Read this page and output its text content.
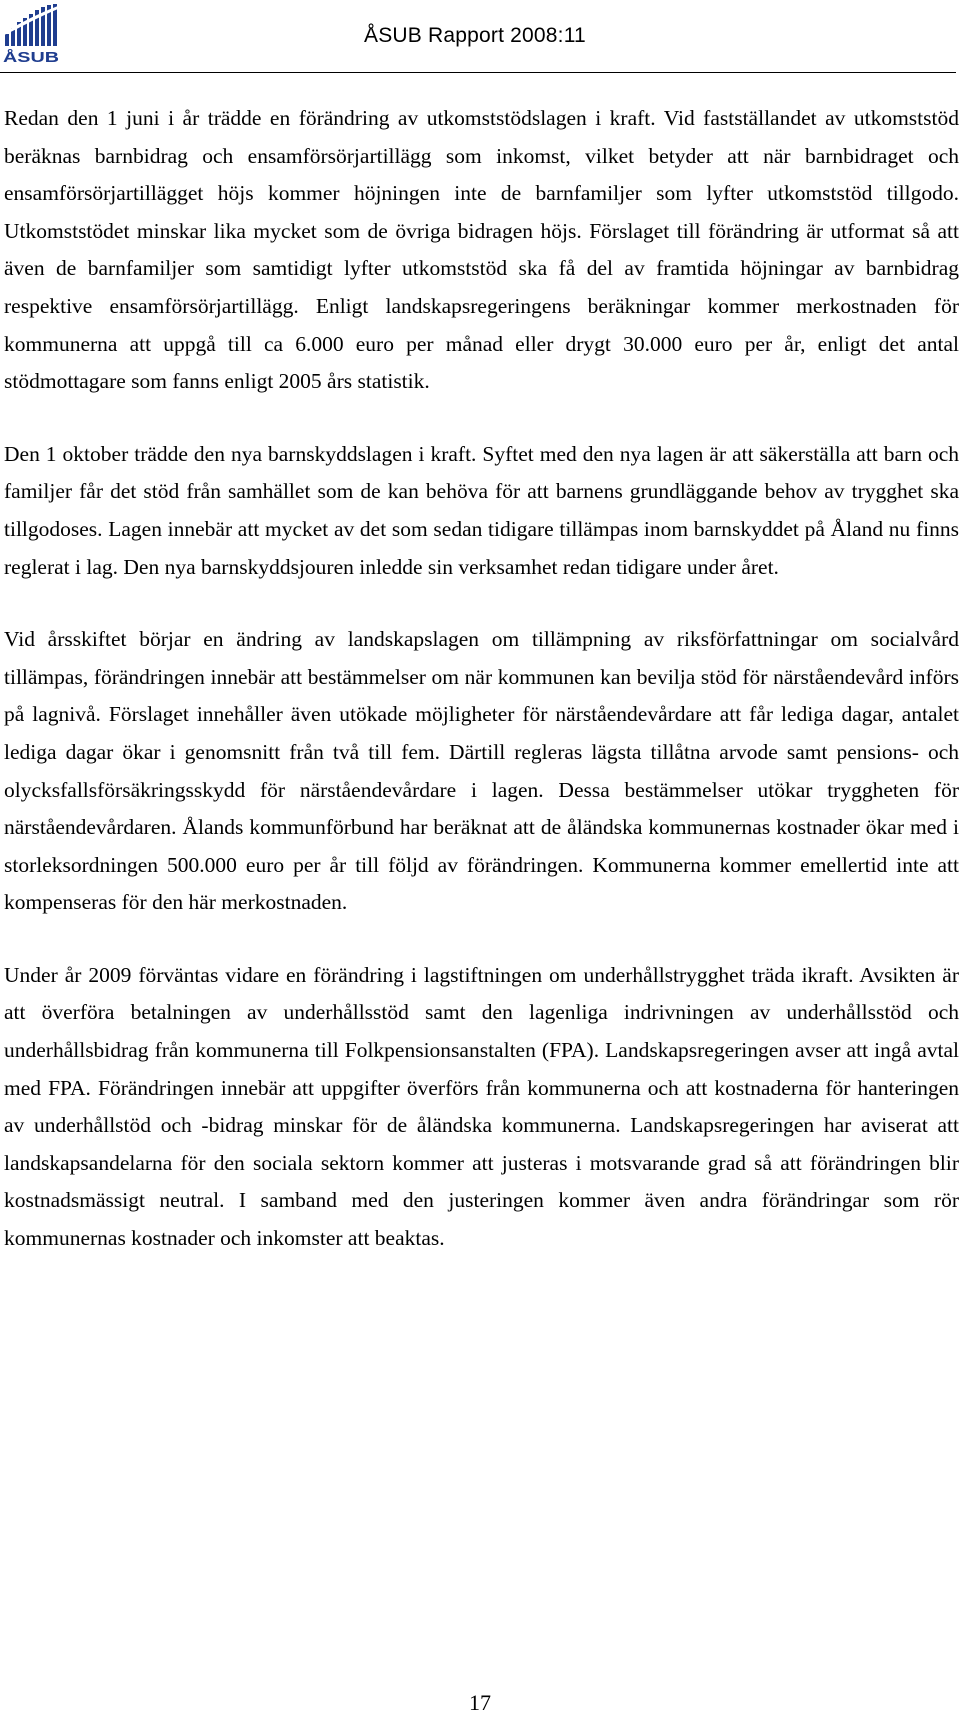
ÅSUB
ÅSUB Rapport 2008:11

Redan den 1 juni i år trädde en förändring av utkomststödslagen i kraft. Vid fastställandet av utkomststöd beräknas barnbidrag och ensamförsörjartillägg som inkomst, vilket betyder att när barnbidraget och ensamförsörjartillägget höjs kommer höjningen inte de barnfamiljer som lyfter utkomststöd tillgodo. Utkomststödet minskar lika mycket som de övriga bidragen höjs. Förslaget till förändring är utformat så att även de barnfamiljer som samtidigt lyfter utkomststöd ska få del av framtida höjningar av barnbidrag respektive ensamförsörjartillägg. Enligt landskapsregeringens beräkningar kommer merkostnaden för kommunerna att uppgå till ca 6.000 euro per månad eller drygt 30.000 euro per år, enligt det antal stödmottagare som fanns enligt 2005 års statistik.

Den 1 oktober trädde den nya barnskyddslagen i kraft. Syftet med den nya lagen är att säkerställa att barn och familjer får det stöd från samhället som de kan behöva för att barnens grundläggande behov av trygghet ska tillgodoses. Lagen innebär att mycket av det som sedan tidigare tillämpas inom barnskyddet på Åland nu finns reglerat i lag. Den nya barnskyddsjouren inledde sin verksamhet redan tidigare under året.

Vid årsskiftet börjar en ändring av landskapslagen om tillämpning av riksförfattningar om socialvård tillämpas, förändringen innebär att bestämmelser om när kommunen kan bevilja stöd för närståendevård införs på lagnivå. Förslaget innehåller även utökade möjligheter för närståendevårdare att får lediga dagar, antalet lediga dagar ökar i genomsnitt från två till fem. Därtill regleras lägsta tillåtna arvode samt pensions- och olycksfallsförsäkringsskydd för närståendevårdare i lagen. Dessa bestämmelser utökar tryggheten för närståendevårdaren. Ålands kommunförbund har beräknat att de åländska kommunernas kostnader ökar med i storleksordningen 500.000 euro per år till följd av förändringen. Kommunerna kommer emellertid inte att kompenseras för den här merkostnaden.

Under år 2009 förväntas vidare en förändring i lagstiftningen om underhållstrygghet träda ikraft. Avsikten är att överföra betalningen av underhållsstöd samt den lagenliga indrivningen av underhållsstöd och underhållsbidrag från kommunerna till Folkpensionsanstalten (FPA). Landskapsregeringen avser att ingå avtal med FPA. Förändringen innebär att uppgifter överförs från kommunerna och att kostnaderna för hanteringen av underhållstöd och -bidrag minskar för de åländska kommunerna. Landskapsregeringen har aviserat att landskapsandelarna för den sociala sektorn kommer att justeras i motsvarande grad så att förändringen blir kostnadsmässigt neutral. I samband med den justeringen kommer även andra förändringar som rör kommunernas kostnader och inkomster att beaktas.

17
